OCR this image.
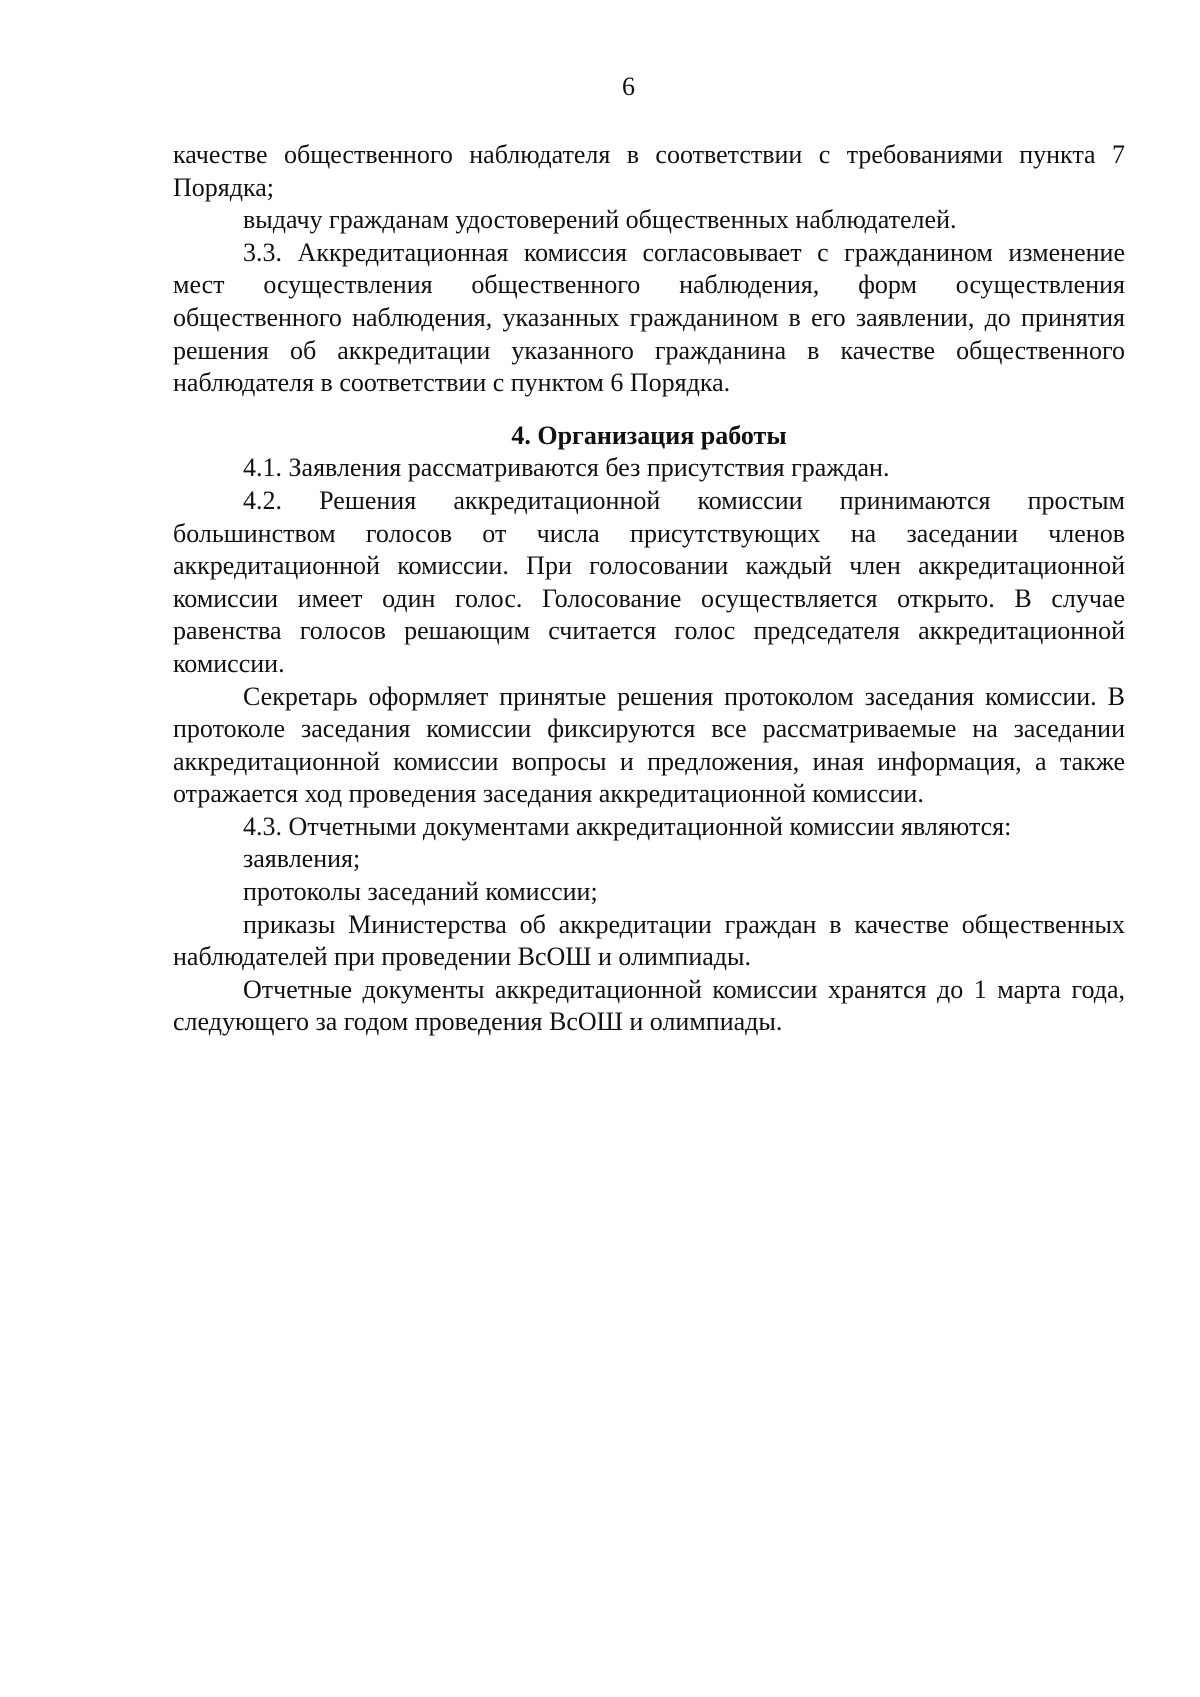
6

качестве общественного наблюдателя в соответствии с требованиями пункта 7 Порядка;

выдачу гражданам удостоверений общественных наблюдателей.

3.3. Аккредитационная комиссия согласовывает с гражданином изменение мест осуществления общественного наблюдения, форм осуществления общественного наблюдения, указанных гражданином в его заявлении, до принятия решения об аккредитации указанного гражданина в качестве общественного наблюдателя в соответствии с пунктом 6 Порядка.

4. Организация работы

4.1. Заявления рассматриваются без присутствия граждан.

4.2. Решения аккредитационной комиссии принимаются простым большинством голосов от числа присутствующих на заседании членов аккредитационной комиссии. При голосовании каждый член аккредитационной комиссии имеет один голос. Голосование осуществляется открыто. В случае равенства голосов решающим считается голос председателя аккредитационной комиссии.

Секретарь оформляет принятые решения протоколом заседания комиссии. В протоколе заседания комиссии фиксируются все рассматриваемые на заседании аккредитационной комиссии вопросы и предложения, иная информация, а также отражается ход проведения заседания аккредитационной комиссии.

4.3. Отчетными документами аккредитационной комиссии являются:

заявления;

протоколы заседаний комиссии;

приказы Министерства об аккредитации граждан в качестве общественных наблюдателей при проведении ВсОШ и олимпиады.

Отчетные документы аккредитационной комиссии хранятся до 1 марта года, следующего за годом проведения ВсОШ и олимпиады.
